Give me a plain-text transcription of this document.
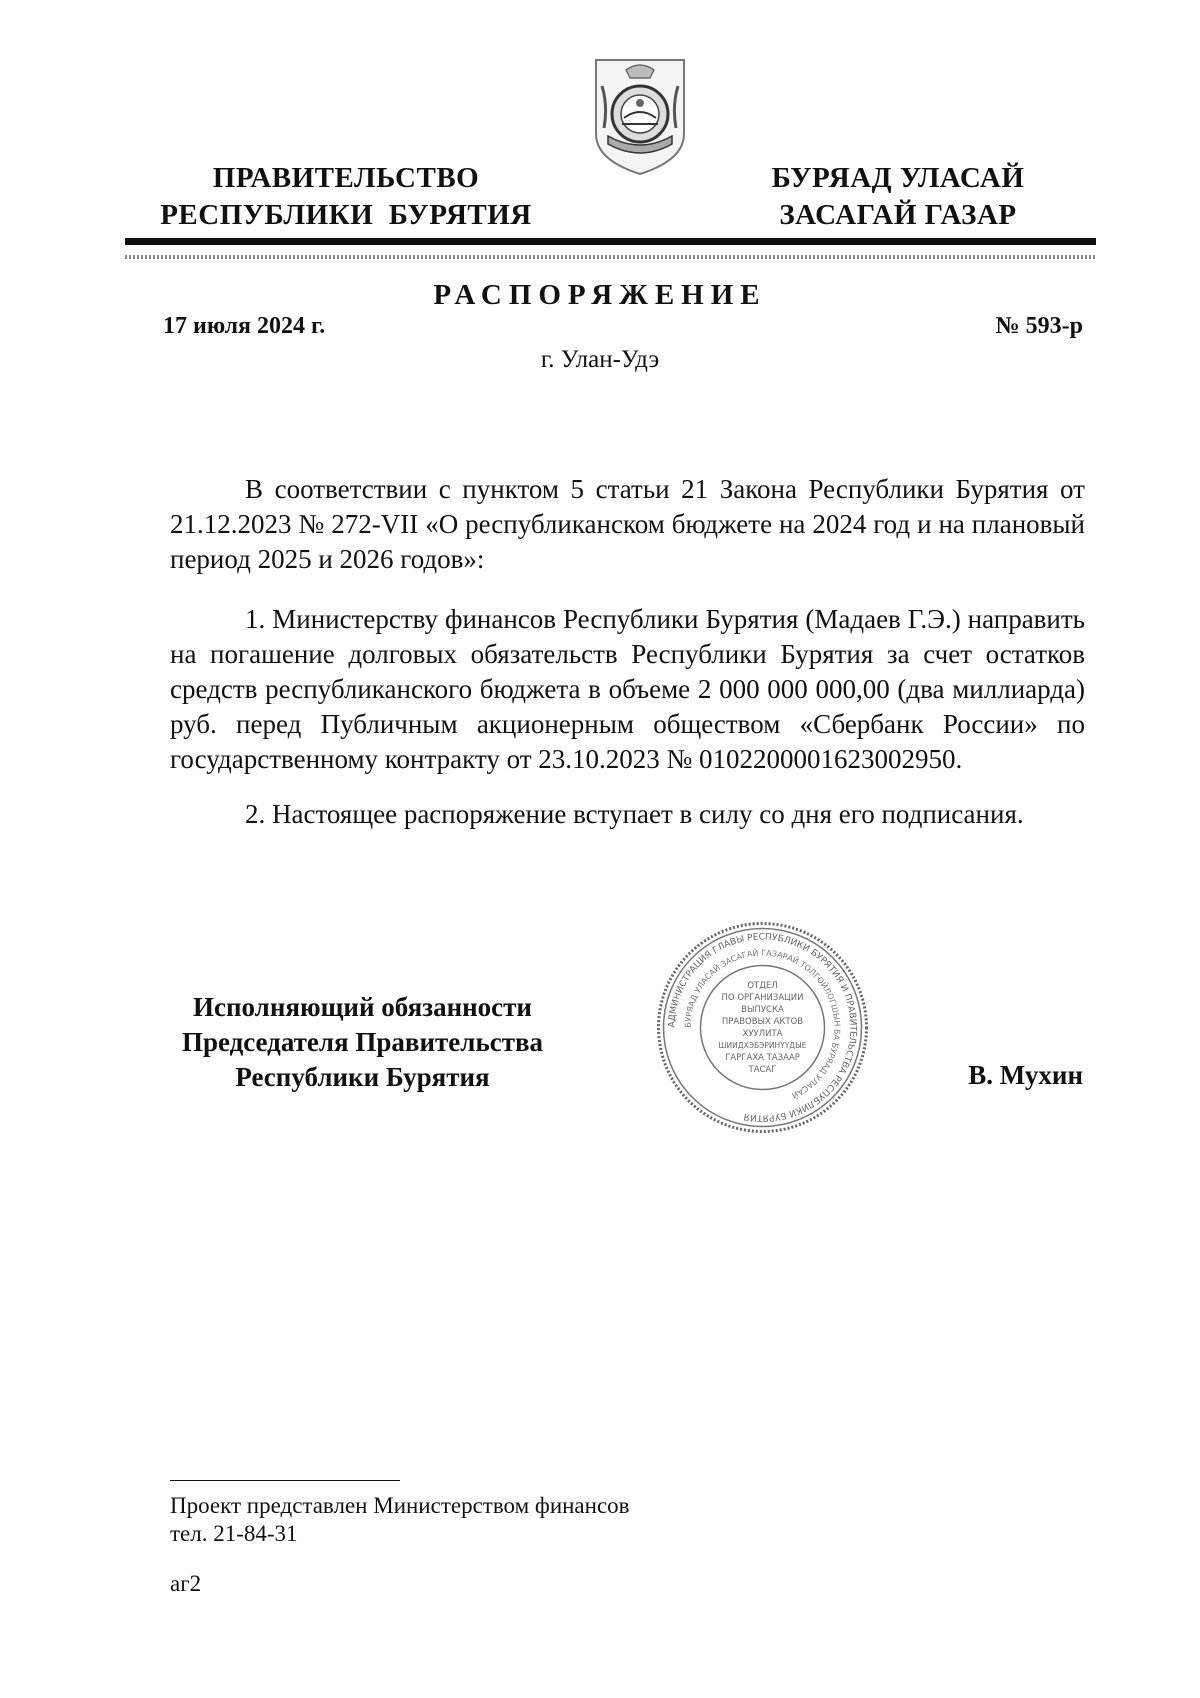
ПРАВИТЕЛЬСТВО
РЕСПУБЛИКИ  БУРЯТИЯ
БУРЯАД УЛАСАЙ
ЗАСАГАЙ ГАЗАР
РАСПОРЯЖЕНИЕ
17 июля 2024 г.	№ 593-р
г. Улан-Удэ

В соответствии с пунктом 5 статьи 21 Закона Республики Бурятия от 21.12.2023 № 272-VII «О республиканском бюджете на 2024 год и на плановый период 2025 и 2026 годов»:

1. Министерству финансов Республики Бурятия (Мадаев Г.Э.) направить на погашение долговых обязательств Республики Бурятия за счет остатков средств республиканского бюджета в объеме 2 000 000 000,00 (два миллиарда) руб. перед Публичным акционерным обществом «Сбербанк России» по государственному контракту от 23.10.2023 № 0102200001623002950.

2. Настоящее распоряжение вступает в силу со дня его подписания.

Исполняющий обязанности
Председателя Правительства
Республики Бурятия
АДМИНИСТРАЦИЯ ГЛАВЫ РЕСПУБЛИКИ БУРЯТИЯ И ПРАВИТЕЛЬСТВА РЕСПУБЛИКИ БУРЯТИЯ
БУРЯАД УЛАСАЙ ЗАСАГАЙ ГАЗАРАЙ ТОЛГОЙЛОГШЫН БА БУРЯАД УЛАСАЙ
ОТДЕЛ
ПО ОРГАНИЗАЦИИ
ВЫПУСКА
ПРАВОВЫХ АКТОВ
ХУУЛИТА
ШИИДХЭБЭРИНҮҮДЫЕ
ГАРГАХА ТАЗААР
ТАСАГ	В. Мухин
Проект представлен Министерством финансов
тел. 21-84-31
аг2
